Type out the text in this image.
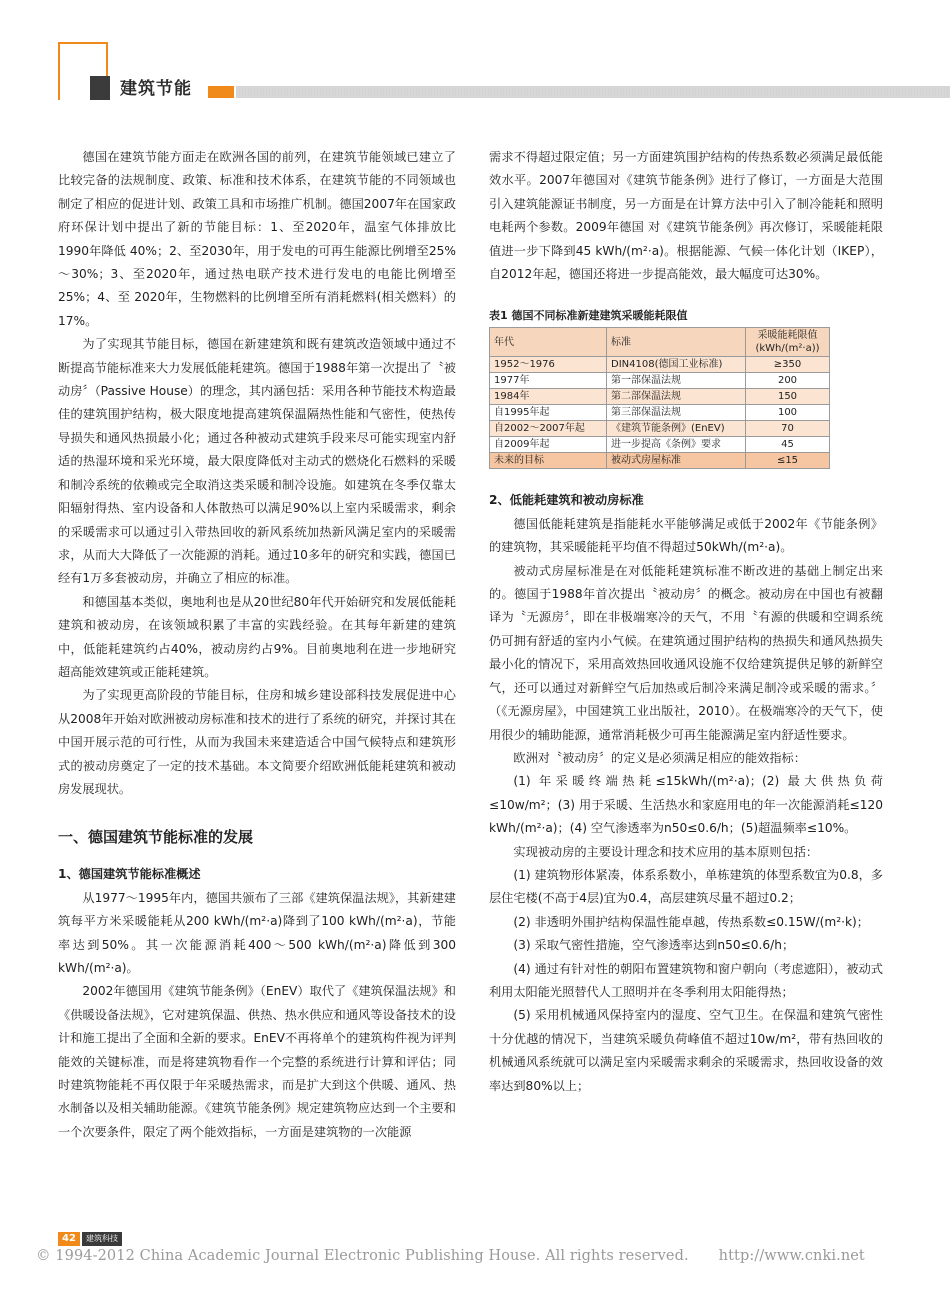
建筑节能

德国在建筑节能方面走在欧洲各国的前列，在建筑节能领域已建立了比较完备的法规制度、政策、标准和技术体系，在建筑节能的不同领域也制定了相应的促进计划、政策工具和市场推广机制。德国2007年在国家政府环保计划中提出了新的节能目标：1、至2020年，温室气体排放比1990年降低 40%；2、至2030年，用于发电的可再生能源比例增至25%～30%；3、至2020年，通过热电联产技术进行发电的电能比例增至 25%；4、至 2020年，生物燃料的比例增至所有消耗燃料(相关燃料）的17%。

为了实现其节能目标，德国在新建建筑和既有建筑改造领域中通过不断提高节能标准来大力发展低能耗建筑。德国于1988年第一次提出了〝被动房〞（Passive House）的理念，其内涵包括：采用各种节能技术构造最佳的建筑围护结构，极大限度地提高建筑保温隔热性能和气密性，使热传导损失和通风热损最小化；通过各种被动式建筑手段来尽可能实现室内舒适的热湿环境和采光环境，最大限度降低对主动式的燃烧化石燃料的采暖和制冷系统的依赖或完全取消这类采暖和制冷设施。如建筑在冬季仅靠太阳辐射得热、室内设备和人体散热可以满足90%以上室内采暖需求，剩余的采暖需求可以通过引入带热回收的新风系统加热新风满足室内的采暖需求，从而大大降低了一次能源的消耗。通过10多年的研究和实践，德国已经有1万多套被动房，并确立了相应的标准。

和德国基本类似，奥地利也是从20世纪80年代开始研究和发展低能耗建筑和被动房，在该领域积累了丰富的实践经验。在其每年新建的建筑中，低能耗建筑约占40%，被动房约占9%。目前奥地利在进一步地研究超高能效建筑或正能耗建筑。

为了实现更高阶段的节能目标，住房和城乡建设部科技发展促进中心从2008年开始对欧洲被动房标准和技术的进行了系统的研究，并探讨其在中国开展示范的可行性，从而为我国未来建造适合中国气候特点和建筑形式的被动房奠定了一定的技术基础。本文简要介绍欧洲低能耗建筑和被动房发展现状。

一、德国建筑节能标准的发展
1、德国建筑节能标准概述

从1977～1995年内，德国共颁布了三部《建筑保温法规》，其新建建筑每平方米采暖能耗从200 kWh/(m²·a)降到了100 kWh/(m²·a)，节能率达到50%。其一次能源消耗400～500 kWh/(m²·a)降低到300 kWh/(m²·a)。

2002年德国用《建筑节能条例》（EnEV）取代了《建筑保温法规》和《供暖设备法规》，它对建筑保温、供热、热水供应和通风等设备技术的设计和施工提出了全面和全新的要求。EnEV不再将单个的建筑构件视为评判能效的关键标准，而是将建筑物看作一个完整的系统进行计算和评估；同时建筑物能耗不再仅限于年采暖热需求，而是扩大到这个供暖、通风、热水制备以及相关辅助能源。《建筑节能条例》规定建筑物应达到一个主要和一个次要条件，限定了两个能效指标，一方面是建筑物的一次能源

需求不得超过限定值；另一方面建筑围护结构的传热系数必须满足最低能效水平。2007年德国对《建筑节能条例》进行了修订，一方面是大范围引入建筑能源证书制度，另一方面是在计算方法中引入了制冷能耗和照明电耗两个参数。2009年德国 对《建筑节能条例》再次修订，采暖能耗限值进一步下降到45 kWh/(m²·a)。根据能源、气候一体化计划（IKEP），自2012年起，德国还将进一步提高能效，最大幅度可达30%。

表1 德国不同标准新建建筑采暖能耗限值
年代	标准	采暖能耗限值
(kWh/(m²·a))
1952～1976	DIN4108(德国工业标准)	≥350
1977年	第一部保温法规	200
1984年	第二部保温法规	150
自1995年起	第三部保温法规	100
自2002～2007年起	《建筑节能条例》(EnEV)	70
自2009年起	进一步提高《条例》要求	45
未来的目标	被动式房屋标准	≤15
2、低能耗建筑和被动房标准

德国低能耗建筑是指能耗水平能够满足或低于2002年《节能条例》的建筑物，其采暖能耗平均值不得超过50kWh/(m²·a)。

被动式房屋标准是在对低能耗建筑标准不断改进的基础上制定出来的。德国于1988年首次提出〝被动房〞的概念。被动房在中国也有被翻译为〝无源房〞，即在非极端寒冷的天气，不用〝有源的供暖和空调系统仍可拥有舒适的室内小气候。在建筑通过围护结构的热损失和通风热损失最小化的情况下，采用高效热回收通风设施不仅给建筑提供足够的新鲜空气，还可以通过对新鲜空气后加热或后制冷来满足制冷或采暖的需求。〞（《无源房屋》，中国建筑工业出版社，2010）。在极端寒冷的天气下，使用很少的辅助能源，通常消耗极少可再生能源满足室内舒适性要求。

欧洲对〝被动房〞的定义是必须满足相应的能效指标：

(1) 年采暖终端热耗≤15kWh/(m²·a)；(2) 最大供热负荷≤10w/m²；(3) 用于采暖、生活热水和家庭用电的年一次能源消耗≤120 kWh/(m²·a)；(4) 空气渗透率为n50≤0.6/h；(5)超温频率≤10%。

实现被动房的主要设计理念和技术应用的基本原则包括：

(1) 建筑物形体紧凑，体系系数小，单栋建筑的体型系数宜为0.8，多层住宅楼(不高于4层)宜为0.4，高层建筑尽量不超过0.2；

(2) 非透明外围护结构保温性能卓越，传热系数≤0.15W/(m²·k)；

(3) 采取气密性措施，空气渗透率达到n50≤0.6/h；

(4) 通过有针对性的朝阳布置建筑物和窗户朝向（考虑遮阳），被动式利用太阳能光照替代人工照明并在冬季利用太阳能得热；

(5) 采用机械通风保持室内的湿度、空气卫生。在保温和建筑气密性十分优越的情况下，当建筑采暖负荷峰值不超过10w/m²，带有热回收的机械通风系统就可以满足室内采暖需求剩余的采暖需求，热回收设备的效率达到80%以上；

42	建筑科技
© 1994-2012 China Academic Journal Electronic Publishing House. All rights reserved. http://www.cnki.net
